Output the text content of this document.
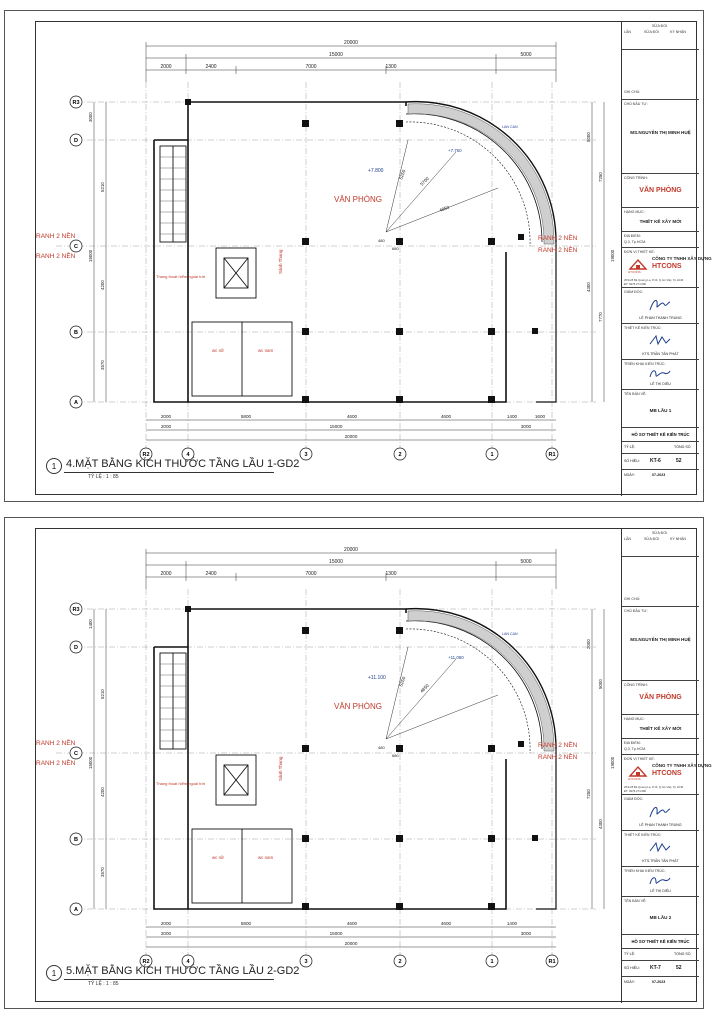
20000
15000	5000
2000	2400	7000	1300
R3
D
C
B
A
R2	4	3	2	1	R1
5250
5700
4850
480
680
VĂN PHÒNG
+7.800
+7.750
LAN CAN
Thang thoát hiểm ngoài trời
Sảnh Thang
wc nữ	wc nam
RANH 2 NỀN
RANH 2 NỀN
RANH 2 NỀN
RANH 2 NỀN
3000
5210
4200
3570
15000
5000
7250
4300
7770
19000
2000	5800	4600	4600	1400	1600
2000	15000	3000
20000
1 4.MẶT BẰNG KÍCH THƯỚC TẦNG LẦU 1-GD2
TỶ LỆ : 1 : 85
SỬA ĐỔI
LẦN	SỬA ĐỔI	KÝ NHẬN
GHI CHÚ:
CHỦ ĐẦU TƯ:
MS.NGUYỄN THỊ MINH HUỆ
CÔNG TRÌNH:
VĂN PHÒNG
HẠNG MỤC:
THIẾT KẾ XÂY MỚI
ĐỊA ĐIỂM:
Q.3, Tp.HCM.
ĐƠN VỊ THIẾT KẾ:
HTCONS
CÔNG TY TNHH XÂY DỰNG
HTCONS
25/11/8 Bà Quang La, P.13, Q.Gò Vấp, Tp.HCM
ĐT: 0978.274.980
GIÁM ĐỐC:
LÊ PHAN THANH TRUNG
THIẾT KẾ KIẾN TRÚC:
KTS.TRẦN TÂN PHÁT
TRIỂN KHAI KIẾN TRÚC:
LÊ THỊ DIỆU
TÊN BẢN VẼ:
MB LẦU 1
HỒ SƠ THIẾT KẾ KIẾN TRÚC
TỶ LỆ:	TỔNG SỐ
SỐ HIỆU: KT-6	52
NGÀY:	07-2023
20000
15000	5000
2000	2400	7000	1300
R3
D
C
B
A
R2	4	3	2	1	R1
5250
4850
480
680
VĂN PHÒNG
+11.100
+11.050
LAN CAN
Thang thoát hiểm ngoài trời
Sảnh Thang
wc nữ	wc nam
RANH 2 NỀN
RANH 2 NỀN
RANH 2 NỀN
RANH 2 NỀN
1400
5210
4200
3570
15000
2000
5000
7250
4300
19000
2000	5800	4600	4600	1400
2000	15000	3000
20000
1 5.MẶT BẰNG KÍCH THƯỚC TẦNG LẦU 2-GD2
TỶ LỆ : 1 : 85
SỬA ĐỔI
LẦN	SỬA ĐỔI	KÝ NHẬN
GHI CHÚ:
CHỦ ĐẦU TƯ:
MS.NGUYỄN THỊ MINH HUỆ
CÔNG TRÌNH:
VĂN PHÒNG
HẠNG MỤC:
THIẾT KẾ XÂY MỚI
ĐỊA ĐIỂM:
Q.3, Tp.HCM.
ĐƠN VỊ THIẾT KẾ:
HTCONS
CÔNG TY TNHH XÂY DỰNG
HTCONS
25/11/8 Bà Quang La, P.13, Q.Gò Vấp, Tp.HCM
ĐT: 0978.274.980
GIÁM ĐỐC:
LÊ PHAN THANH TRUNG
THIẾT KẾ KIẾN TRÚC:
KTS.TRẦN TÂN PHÁT
TRIỂN KHAI KIẾN TRÚC:
LÊ THỊ DIỆU
TÊN BẢN VẼ:
MB LẦU 2
HỒ SƠ THIẾT KẾ KIẾN TRÚC
TỶ LỆ:	TỔNG SỐ
SỐ HIỆU: KT-7	52
NGÀY:	07-2023
